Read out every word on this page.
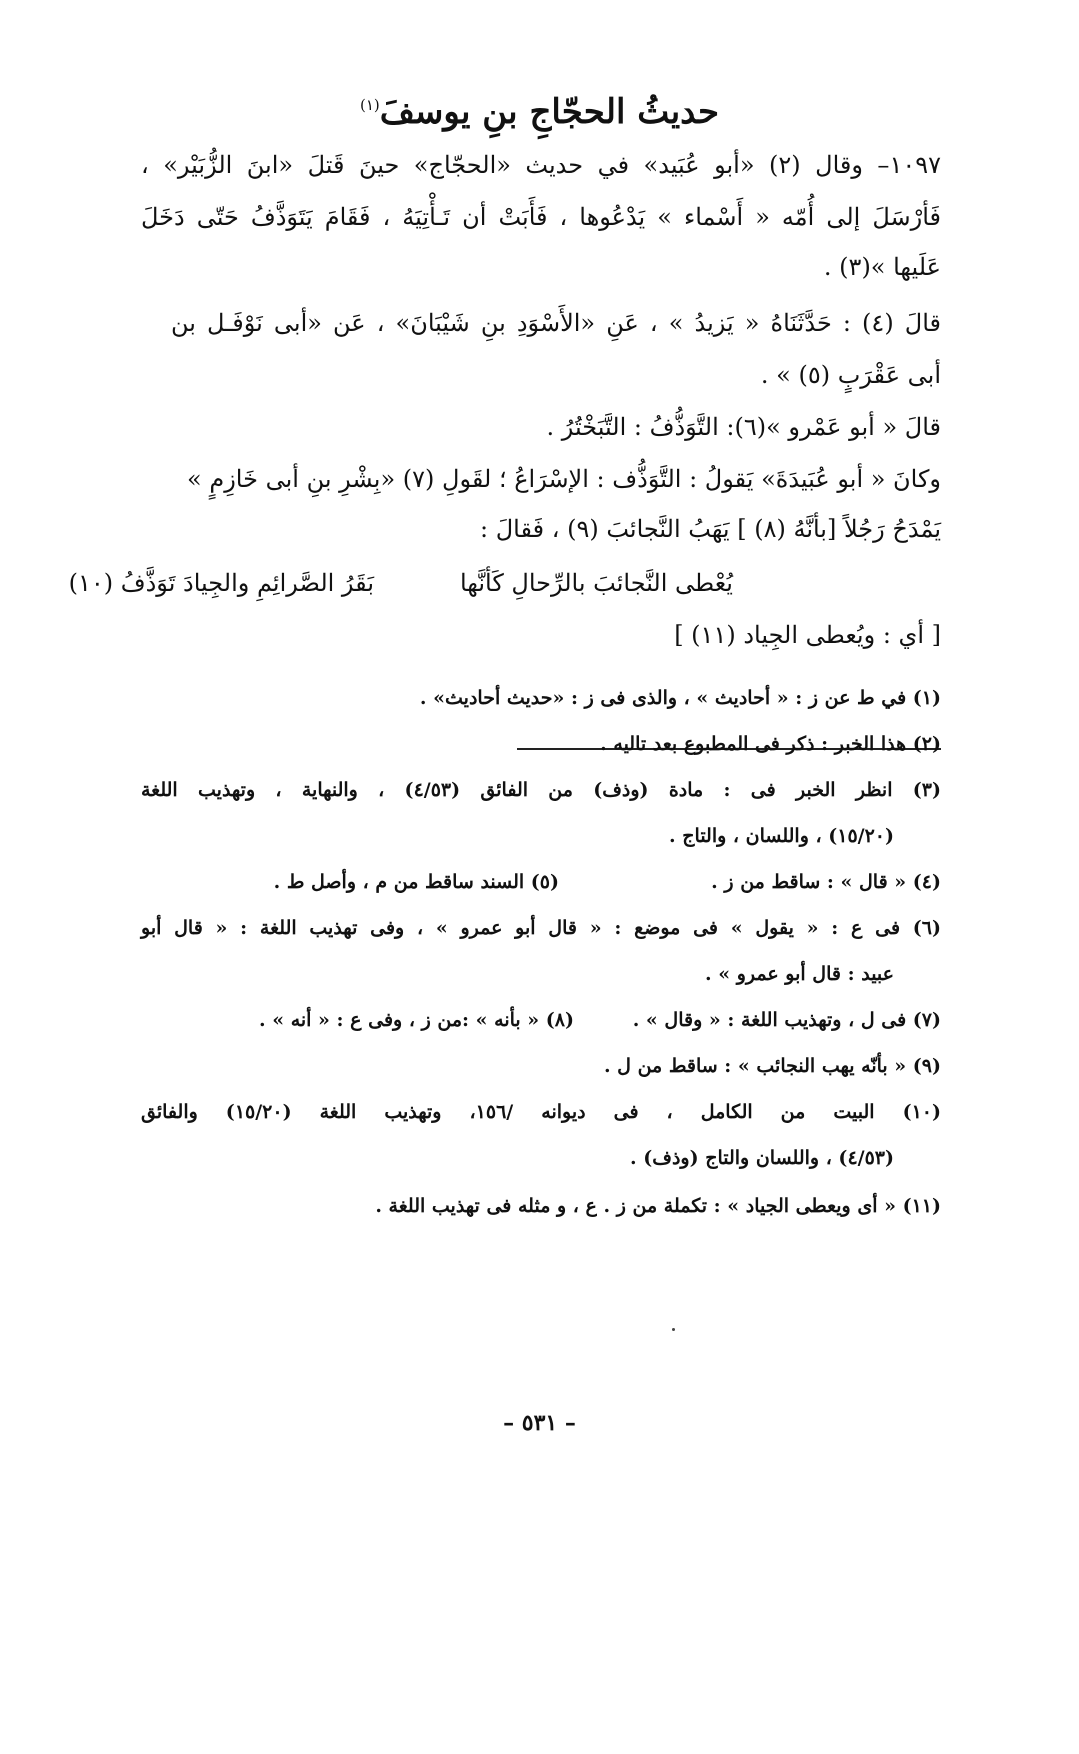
حديثُ الحجّاجِ بنِ يوسفَ$^{(١)}$
١٠٩٧– وقال (٢) «أبو عُبَيد» في حديث «الحجّاج» حينَ قَتلَ «ابنَ الزُّبَيْر» ،
فَأرْسَلَ إلى أُمّه « أَسْماء » يَدْعُوها ، فَأَبَتْ أن تَـأْتِيَهُ ، فَقَامَ يَتَوَذَّفُ حَتّى دَخَلَ
عَلَيها »(٣) .
قالَ (٤) : حَدَّثَنَاهُ « يَزيدُ » ، عَنِ «الأَسْوَدِ بنِ شَيْبَانَ» ، عَن «أبى نَوْفَـل بن
أبى عَقْرَبٍ (٥) » .
قالَ « أبو عَمْرو »(٦): التَّوَذُّفُ : التَّبَخْتُرُ .
وكانَ « أبو عُبَيدَةَ» يَقولُ : التَّوَذُّف : الإسْرَاعُ ؛ لقَولِ (٧) «بِشْرِ بنِ أبى خَازِمٍ »
يَمْدَحُ رَجُلاً [بأنَّهُ (٨) ] يَهَبُ النَّجائبَ (٩) ، فَقالَ :
يُعْطى النَّجائبَ بالرِّحالِ كَأنَّها
بَقَرُ الصَّرائِمِ والجِيادَ تَوَذَّفُ (١٠)
[ أي : ويُعطى الجِياد (١١) ]
(١) في ط عن ز : « أحاديث » ، والذى فى ز : «حديث أحاديث» .
(٢) هذا الخبر : ذكر فى المطبوع بعد تاليه .
(٣) انظر الخبر فى : مادة (وذف) من الفائق (٤/٥٣) ، والنهاية ، وتهذيب اللغة
(١٥/٢٠) ، واللسان ، والتاج .
(٤) « قال » : ساقط من ز .
(٥) السند ساقط من م ، وأصل ط .
(٦) فى ع : « يقول » فى موضع : « قال أبو عمرو » ، وفى تهذيب اللغة : « قال أبو
عبيد : قال أبو عمرو » .
(٧) فى ل ، وتهذيب اللغة : « وقال » .
(٨) « بأنه » :من ز ، وفى ع : « أنه » .
(٩) « بأنّه يهب النجائب » : ساقط من ل .
(١٠) البيت من الكامل ، فى ديوانه /١٥٦، وتهذيب اللغة (١٥/٢٠) والفائق
(٤/٥٣) ، واللسان والتاج (وذف) .
(١١) « أى ويعطى الجياد » : تكملة من ز . ع ، و مثله فى تهذيب اللغة .
– ٥٣١ –
